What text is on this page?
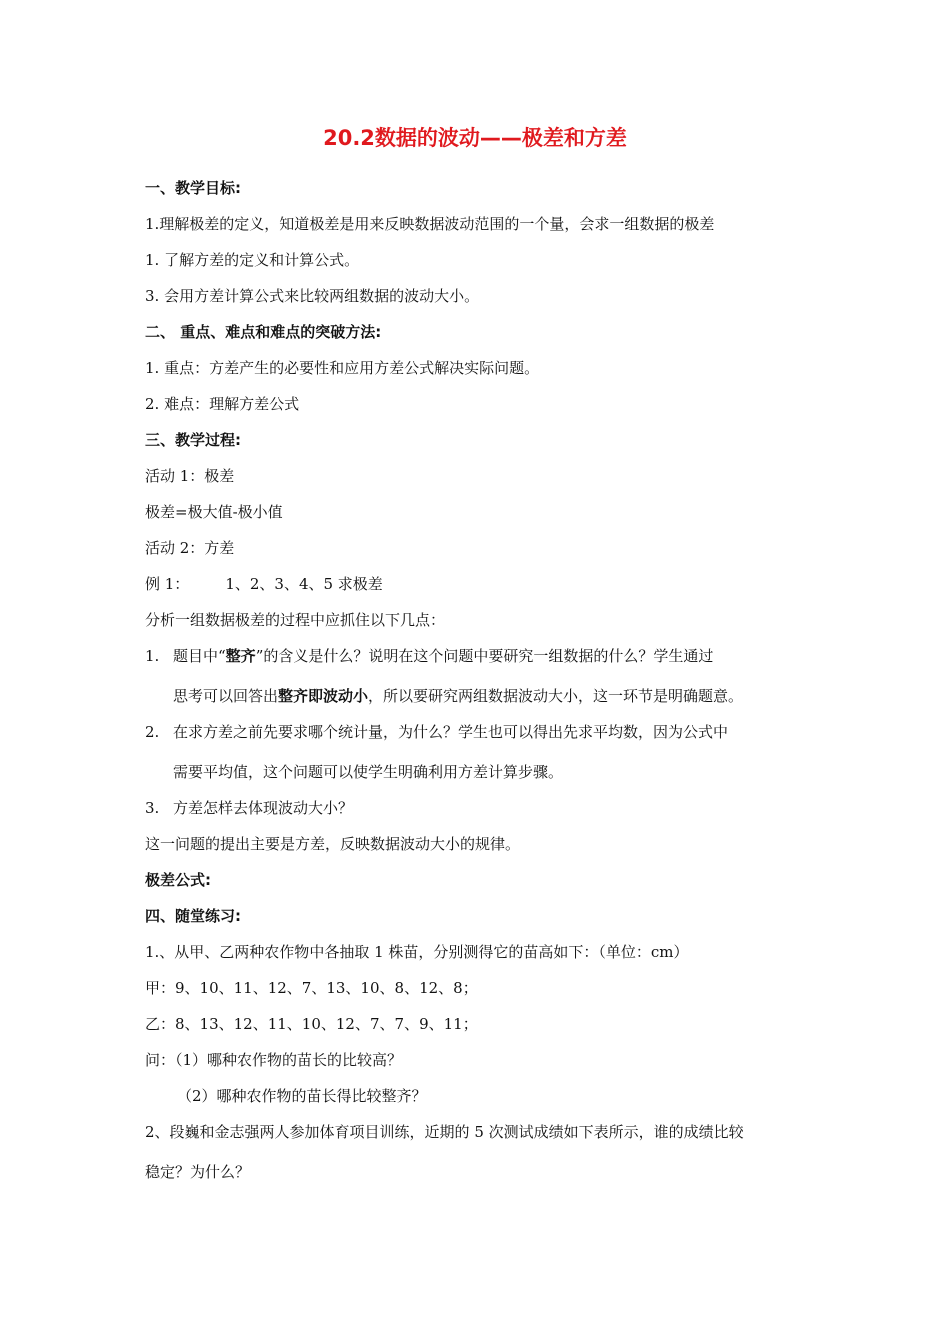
20.2数据的波动——极差和方差
一、教学目标:
1.理解极差的定义，知道极差是用来反映数据波动范围的一个量，会求一组数据的极差
1. 了解方差的定义和计算公式。
3. 会用方差计算公式来比较两组数据的波动大小。
二、 重点、难点和难点的突破方法:
1. 重点：方差产生的必要性和应用方差公式解决实际问题。
2. 难点：理解方差公式
三、教学过程:
活动 1：极差
极差=极大值-极小值
活动 2：方差
例 1： 1、2、3、4、5 求极差
分析一组数据极差的过程中应抓住以下几点：
1. 题目中“整齐”的含义是什么？说明在这个问题中要研究一组数据的什么？学生通过
思考可以回答出整齐即波动小，所以要研究两组数据波动大小，这一环节是明确题意。
2. 在求方差之前先要求哪个统计量，为什么？学生也可以得出先求平均数，因为公式中
需要平均值，这个问题可以使学生明确利用方差计算步骤。
3. 方差怎样去体现波动大小？
这一问题的提出主要是方差，反映数据波动大小的规律。
极差公式:
四、随堂练习:
1.、从甲、乙两种农作物中各抽取 1 株苗，分别测得它的苗高如下：（单位：cm）
甲：9、10、11、12、7、13、10、8、12、8；
乙：8、13、12、11、10、12、7、7、9、11；
问：（1）哪种农作物的苗长的比较高？
（2）哪种农作物的苗长得比较整齐？
2、段巍和金志强两人参加体育项目训练，近期的 5 次测试成绩如下表所示，谁的成绩比较
稳定？为什么？
